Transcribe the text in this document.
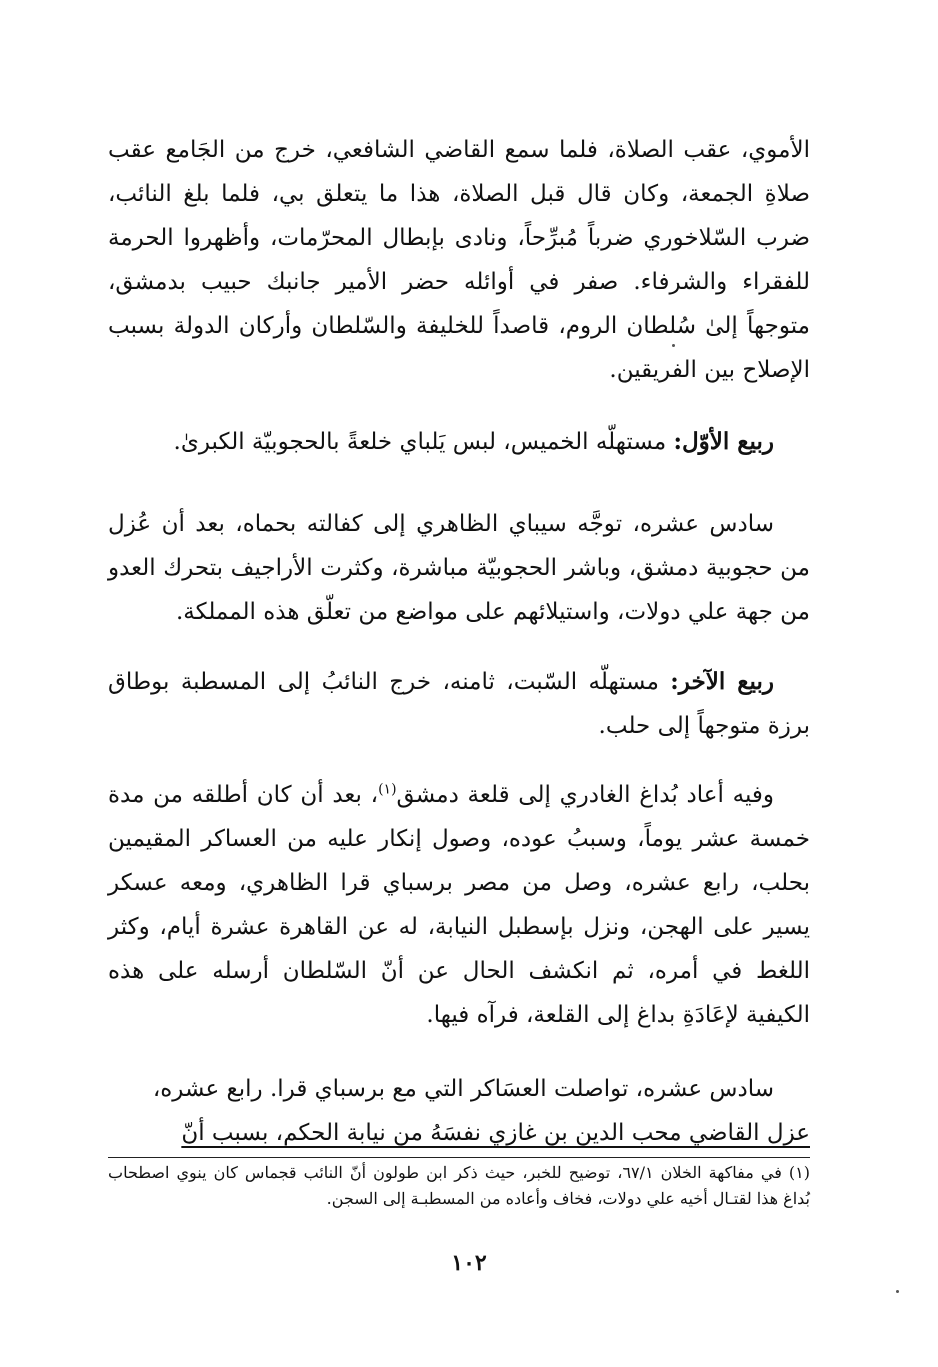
الأموي، عقب الصلاة، فلما سمع القاضي الشافعي، خرج من الجَامع عقب صلاةِ الجمعة، وكان قال قبل الصلاة، هذا ما يتعلق بي، فلما بلغ النائب، ضرب السّلاخوري ضرباً مُبرِّحاً، ونادى بإبطال المحرّمات، وأظهروا الحرمة للفقراء والشرفاء. صفر في أوائله حضر الأمير جانبك حبيب بدمشق، متوجهاً إلىٰ سُلطان الروم، قاصداً للخليفة والسّلطان وأركان الدولة بسبب الإصلاح بين الفريقين.

ربيع الأوّل: مستهلّه الخميس، لبس يَلباي خلعةً بالحجوبيّة الكبرىٰ.

سادس عشره، توجَّه سيباي الظاهري إلى كفالته بحماه، بعد أن عُزل من حجوبية دمشق، وباشر الحجوبيّة مباشرة، وكثرت الأراجيف بتحرك العدو من جهة علي دولات، واستيلائهم على مواضع من تعلّق هذه المملكة.

ربيع الآخر: مستهلّه السّبت، ثامنه، خرج النائبُ إلى المسطبة بوطاق برزة متوجهاً إلى حلب.

وفيه أعاد بُداغ الغادري إلى قلعة دمشق$^{(١)}$، بعد أن كان أطلقه من مدة خمسة عشر يوماً، وسببُ عوده، وصول إنكار عليه من العساكر المقيمين بحلب، رابع عشره، وصل من مصر برسباي قرا الظاهري، ومعه عسكر يسير على الهجن، ونزل بإسطبل النيابة، له عن القاهرة عشرة أيام، وكثر اللغط في أمره، ثم انكشف الحال عن أنّ السّلطان أرسله على هذه الكيفية لإعَادَةِ بداغ إلى القلعة، فرآه فيها.

سادس عشره، تواصلت العسَاكر التي مع برسباي قرا. رابع عشره،

عزل القاضي محب الدين بن غازي نفسَهُ من نيابة الحكم، بسبب أنّ

(١) في مفاكهة الخلان ٦٧/١، توضيح للخبر، حيث ذكر ابن طولون أنّ النائب قجماس كان ينوي اصطحاب بُداغ هذا لقتـال أخيه علي دولات، فخاف وأعاده من المسطبـة إلى السجن.
١٠٢
